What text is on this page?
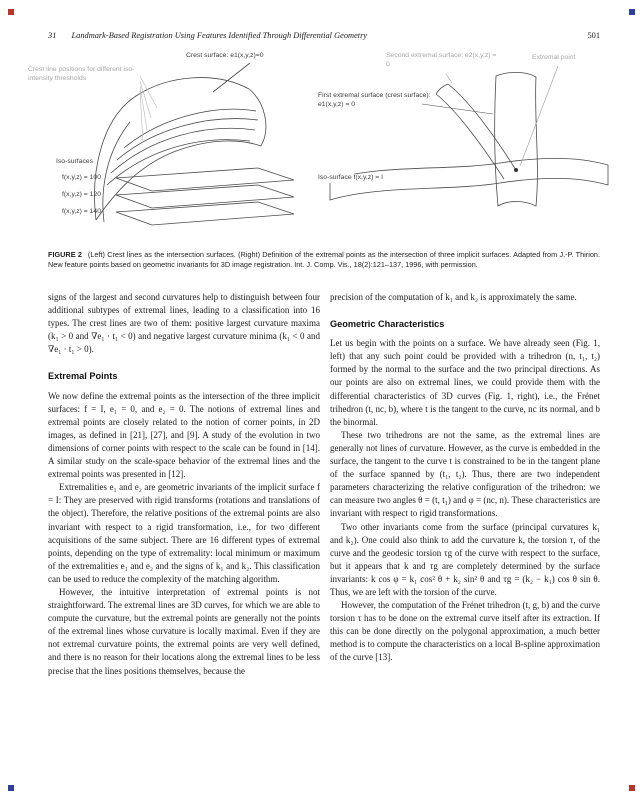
31 Landmark-Based Registration Using Features Identified Through Differential Geometry	501
Crest surface: e1(x,y,z)=0
Crest line positions for different iso-intensity thresholds
Iso-surfaces
f(x,y,z) = 100
f(x,y,z) = 120
f(x,y,z) = 140
Second extremal surface: e2(x,y,z) = 0
Extremal point
First extremal surface (crest surface): e1(x,y,z) = 0
Iso-surface f(x,y,z) = I
FIGURE 2 (Left) Crest lines as the intersection surfaces. (Right) Definition of the extremal points as the intersection of three implicit surfaces. Adapted from J.-P. Thirion. New feature points based on geometric invariants for 3D image registration. Int. J. Comp. Vis., 18(2):121–137, 1996, with permission.

signs of the largest and second curvatures help to distinguish between four additional subtypes of extremal lines, leading to a classification into 16 types. The crest lines are two of them: positive largest curvature maxima (k₁ > 0 and ∇e₁ · t₁ < 0) and negative largest curvature minima (k₁ < 0 and ∇e₁ · t₁ > 0).

Extremal Points

We now define the extremal points as the intersection of the three implicit surfaces: f = I, e₁ = 0, and e₂ = 0. The notions of extremal lines and extremal points are closely related to the notion of corner points, in 2D images, as defined in [21], [27], and [9]. A study of the evolution in two dimensions of corner points with respect to the scale can be found in [14]. A similar study on the scale-space behavior of the extremal lines and the extremal points was presented in [12].

Extremalities e₁ and e₂ are geometric invariants of the implicit surface f = I: They are preserved with rigid transforms (rotations and translations of the object). Therefore, the relative positions of the extremal points are also invariant with respect to a rigid transformation, i.e., for two different acquisitions of the same subject. There are 16 different types of extremal points, depending on the type of extremality: local minimum or maximum of the extremalities e₁ and e₂ and the signs of k₁ and k₂. This classification can be used to reduce the complexity of the matching algorithm.

However, the intuitive interpretation of extremal points is not straightforward. The extremal lines are 3D curves, for which we are able to compute the curvature, but the extremal points are generally not the points of the extremal lines whose curvature is locally maximal. Even if they are not extremal curvature points, the extremal points are very well defined, and there is no reason for their locations along the extremal lines to be less precise that the lines positions themselves, because the

precision of the computation of k₁ and k₂ is approximately the same.

Geometric Characteristics

Let us begin with the points on a surface. We have already seen (Fig. 1, left) that any such point could be provided with a trihedron (n, t₁, t₂) formed by the normal to the surface and the two principal directions. As our points are also on extremal lines, we could provide them with the differential characteristics of 3D curves (Fig. 1, right), i.e., the Frénet trihedron (t, nc, b), where t is the tangent to the curve, nc its normal, and b the binormal.

These two trihedrons are not the same, as the extremal lines are generally not lines of curvature. However, as the curve is embedded in the surface, the tangent to the curve t is constrained to be in the tangent plane of the surface spanned by (t₁, t₂). Thus, there are two independent parameters characterizing the relative configuration of the trihedron: we can measure two angles θ = (t, t₁) and φ = (nc, n). These characteristics are invariant with respect to rigid transformations.

Two other invariants come from the surface (principal curvatures k₁ and k₂). One could also think to add the curvature k, the torsion τ, of the curve and the geodesic torsion τg of the curve with respect to the surface, but it appears that k and τg are completely determined by the surface invariants: k cos φ = k₁ cos² θ + k₂ sin² θ and τg = (k₂ − k₁) cos θ sin θ. Thus, we are left with the torsion of the curve.

However, the computation of the Frénet trihedron (t, g, b) and the curve torsion τ has to be done on the extremal curve itself after its extraction. If this can be done directly on the polygonal approximation, a much better method is to compute the characteristics on a local B-spline approximation of the curve [13].
